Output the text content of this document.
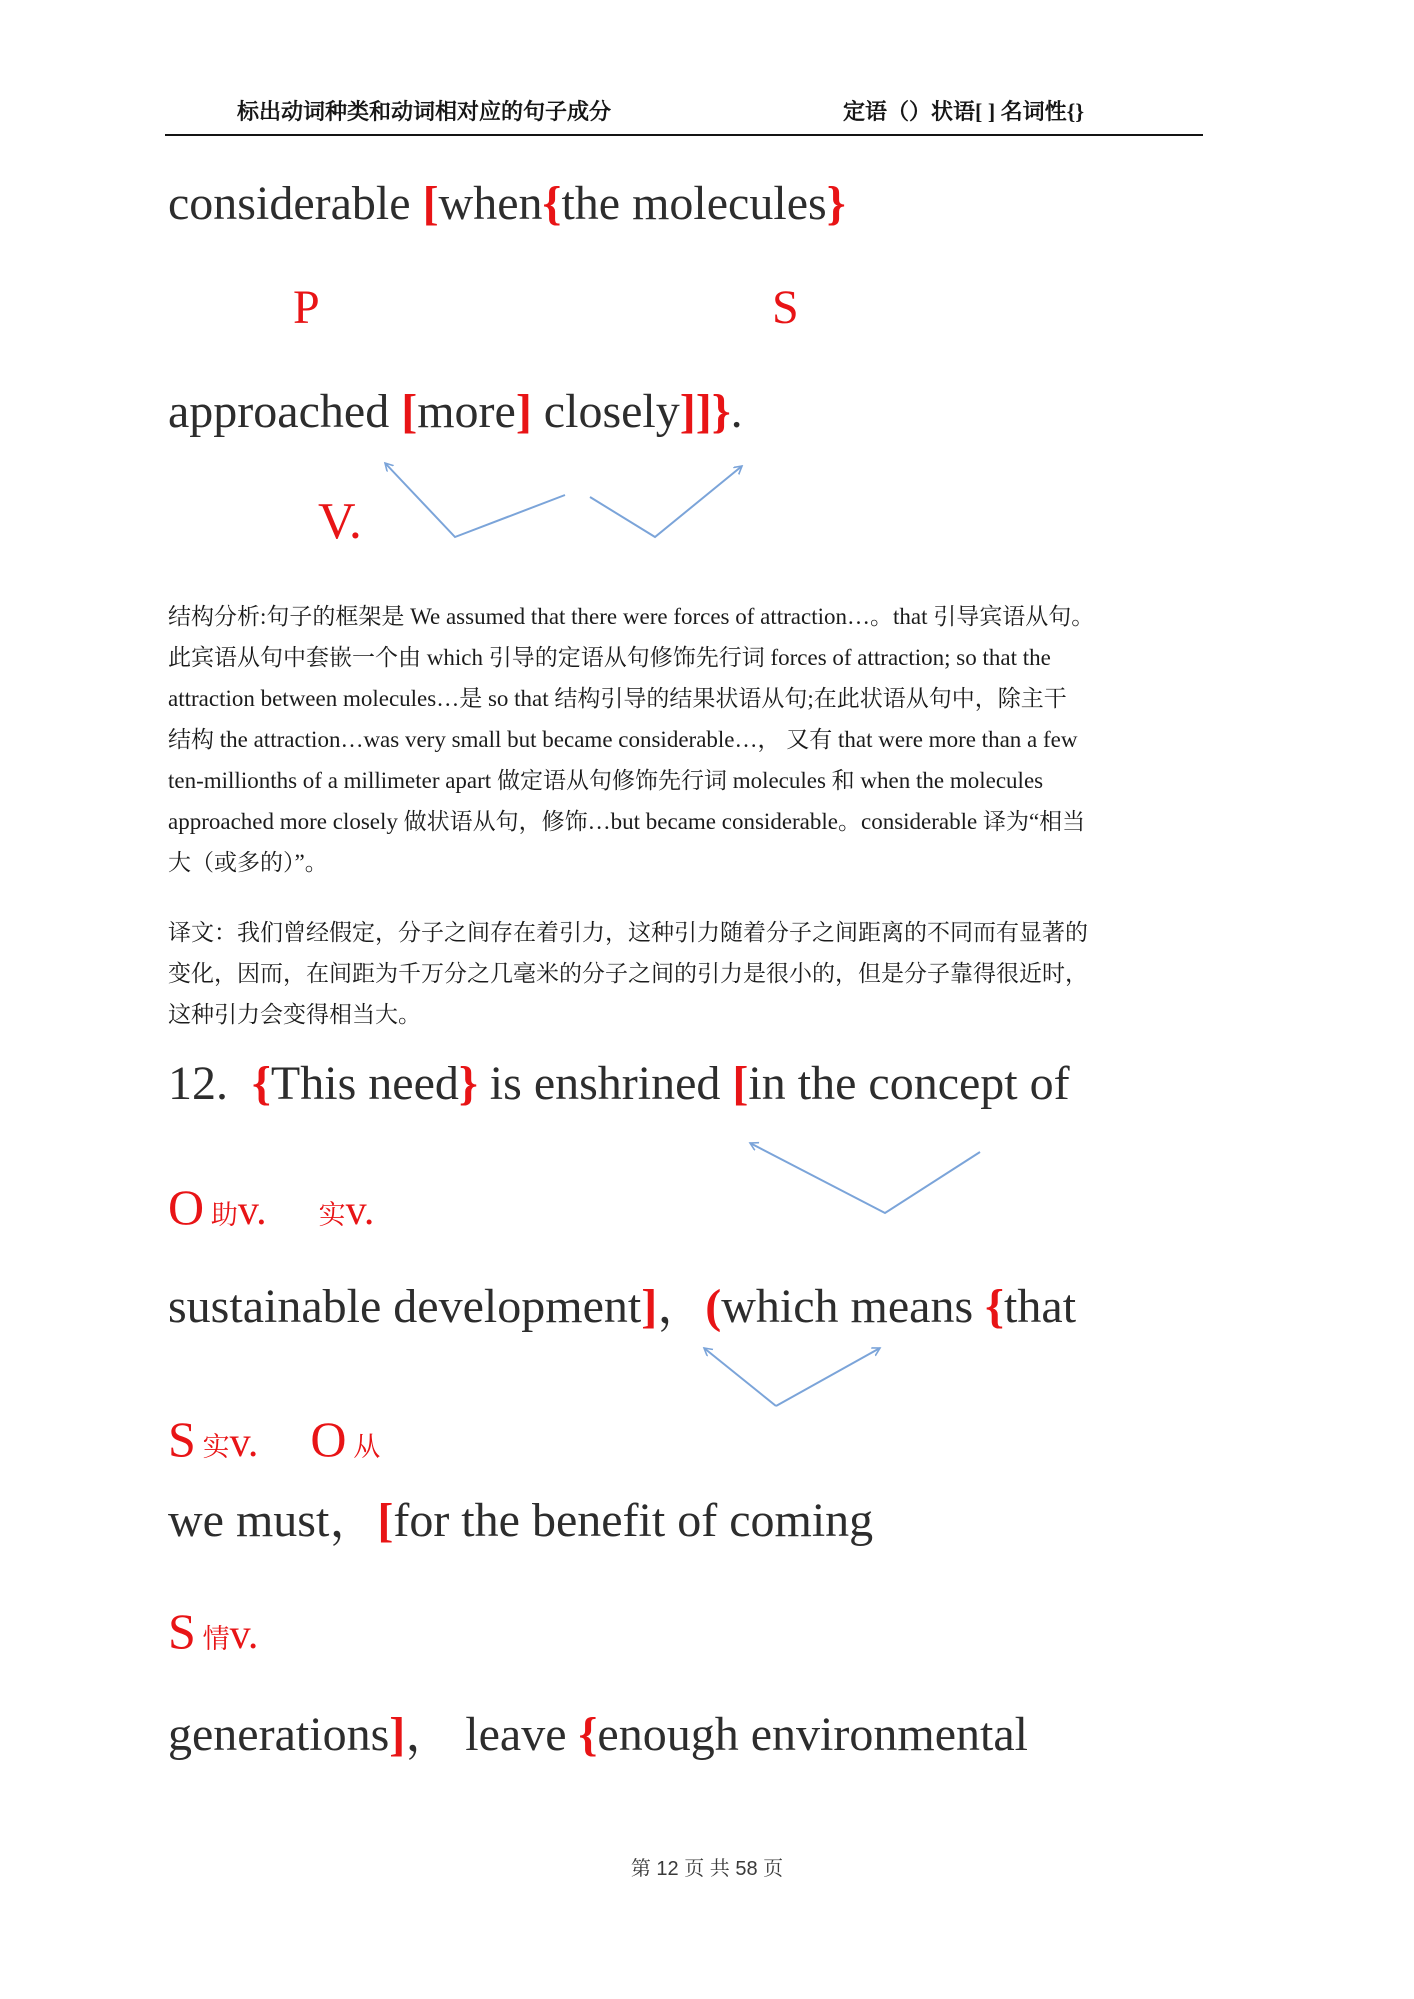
标出动词种类和动词相对应的句子成分	定语（）状语[ ] 名词性{}
considerable [when{the molecules}
P	S
approached [more] closely]]}.
V.
结构分析:句子的框架是 We assumed that there were forces of attraction…。that 引导宾语从句。
此宾语从句中套嵌一个由 which 引导的定语从句修饰先行词 forces of attraction; so that the
attraction between molecules…是 so that 结构引导的结果状语从句;在此状语从句中，除主干
结构 the attraction…was very small but became considerable…， 又有 that were more than a few
ten-millionths of a millimeter apart 做定语从句修饰先行词 molecules 和 when the molecules
approached more closely 做状语从句，修饰…but became considerable。considerable 译为“相当
大（或多的）”。
译文：我们曾经假定，分子之间存在着引力，这种引力随着分子之间距离的不同而有显著的
变化，因而，在间距为千万分之几毫米的分子之间的引力是很小的，但是分子靠得很近时，
这种引力会变得相当大。
12.  {This need} is enshrined [in the concept of
O 助v. 实v.
sustainable development]，(which means {that
S 实v. O 从
we must，[for the benefit of coming
S 情v.
generations]， leave {enough environmental
第 12 页 共 58 页
